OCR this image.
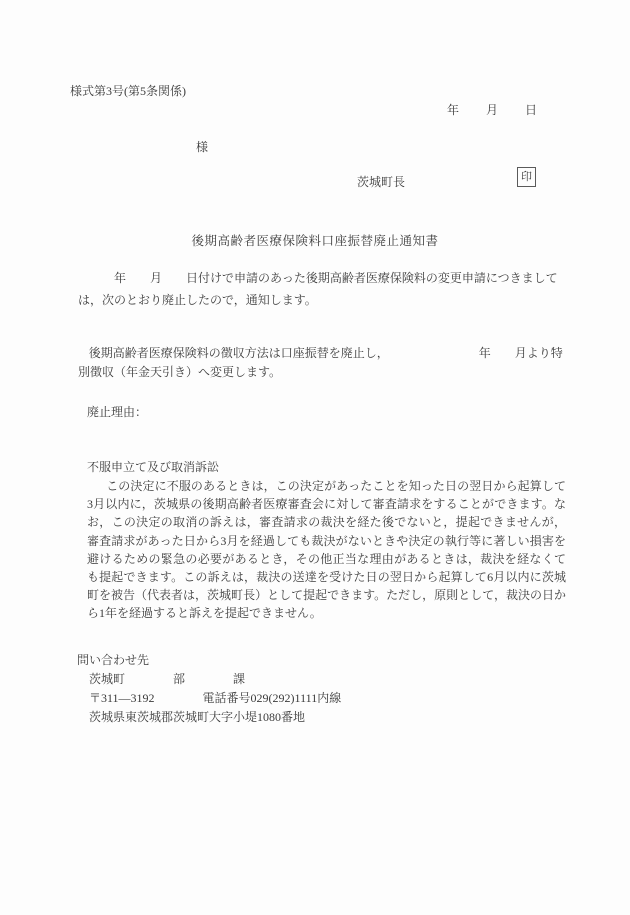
様式第3号(第5条関係)
年　　月　　日
様
茨城町長	印
後期高齢者医療保険料口座振替廃止通知書
　　　年　　月　　日付けで申請のあった後期高齢者医療保険料の変更申請につきましては，次のとおり廃止したので，通知します。
後期高齢者医療保険料の徴収方法は口座振替を廃止し，　　　　　　　　年　　月より特別徴収（年金天引き）へ変更します。
廃止理由：
不服申立て及び取消訴訟
この決定に不服のあるときは，この決定があったことを知った日の翌日から起算して3月以内に，茨城県の後期高齢者医療審査会に対して審査請求をすることができます。なお，この決定の取消の訴えは，審査請求の裁決を経た後でないと，提起できませんが，審査請求があった日から3月を経過しても裁決がないときや決定の執行等に著しい損害を避けるための緊急の必要があるとき，その他正当な理由があるときは，裁決を経なくても提起できます。この訴えは，裁決の送達を受けた日の翌日から起算して6月以内に茨城町を被告（代表者は，茨城町長）として提起できます。ただし，原則として，裁決の日から1年を経過すると訴えを提起できません。
問い合わせ先
茨城町　　　　部　　　　課
〒311―3192　　　　電話番号029(292)1111内線
茨城県東茨城郡茨城町大字小堤1080番地
